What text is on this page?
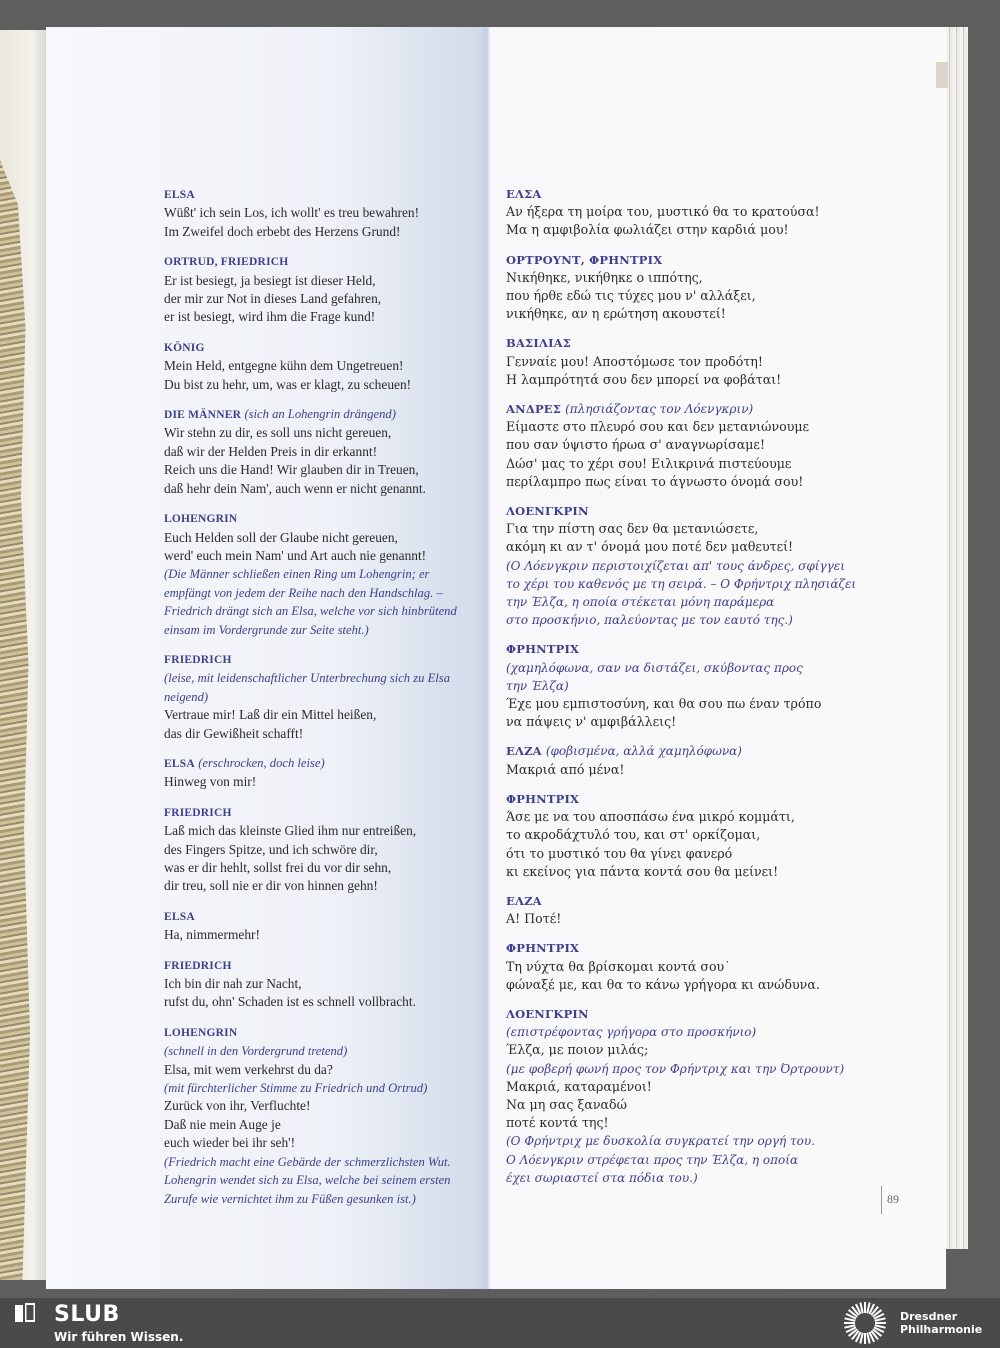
ELSA
Wüßt' ich sein Los, ich wollt' es treu bewahren!
Im Zweifel doch erbebt des Herzens Grund!
ORTRUD, FRIEDRICH
Er ist besiegt, ja besiegt ist dieser Held,
der mir zur Not in dieses Land gefahren,
er ist besiegt, wird ihm die Frage kund!
KÖNIG
Mein Held, entgegne kühn dem Ungetreuen!
Du bist zu hehr, um, was er klagt, zu scheuen!
DIE MÄNNER (sich an Lohengrin drängend)
Wir stehn zu dir, es soll uns nicht gereuen,
daß wir der Helden Preis in dir erkannt!
Reich uns die Hand! Wir glauben dir in Treuen,
daß hehr dein Nam', auch wenn er nicht genannt.
LOHENGRIN
Euch Helden soll der Glaube nicht gereuen,
werd' euch mein Nam' und Art auch nie genannt!
(Die Männer schließen einen Ring um Lohengrin; er
empfängt von jedem der Reihe nach den Handschlag. –
Friedrich drängt sich an Elsa, welche vor sich hinbrütend
einsam im Vordergrunde zur Seite steht.)
FRIEDRICH
(leise, mit leidenschaftlicher Unterbrechung sich zu Elsa
neigend)
Vertraue mir! Laß dir ein Mittel heißen,
das dir Gewißheit schafft!
ELSA (erschrocken, doch leise)
Hinweg von mir!
FRIEDRICH
Laß mich das kleinste Glied ihm nur entreißen,
des Fingers Spitze, und ich schwöre dir,
was er dir hehlt, sollst frei du vor dir sehn,
dir treu, soll nie er dir von hinnen gehn!
ELSA
Ha, nimmermehr!
FRIEDRICH
Ich bin dir nah zur Nacht,
rufst du, ohn' Schaden ist es schnell vollbracht.
LOHENGRIN
(schnell in den Vordergrund tretend)
Elsa, mit wem verkehrst du da?
(mit fürchterlicher Stimme zu Friedrich und Ortrud)
Zurück von ihr, Verfluchte!
Daß nie mein Auge je
euch wieder bei ihr seh'!
(Friedrich macht eine Gebärde der schmerzlichsten Wut.
Lohengrin wendet sich zu Elsa, welche bei seinem ersten
Zurufe wie vernichtet ihm zu Füßen gesunken ist.)
ΕΛΣΑ
Αν ήξερα τη μοίρα του, μυστικό θα το κρατούσα!
Μα η αμφιβολία φωλιάζει στην καρδιά μου!
ΟΡΤΡΟΥΝΤ, ΦΡΗΝΤΡΙΧ
Νικήθηκε, νικήθηκε ο ιππότης,
που ήρθε εδώ τις τύχες μου ν' αλλάξει,
νικήθηκε, αν η ερώτηση ακουστεί!
ΒΑΣΙΛΙΑΣ
Γενναίε μου! Αποστόμωσε τον προδότη!
Η λαμπρότητά σου δεν μπορεί να φοβάται!
ΑΝΔΡΕΣ (πλησιάζοντας τον Λόενγκριν)
Είμαστε στο πλευρό σου και δεν μετανιώνουμε
που σαν ύψιστο ήρωα σ' αναγνωρίσαμε!
Δώσ' μας το χέρι σου! Ειλικρινά πιστεύουμε
περίλαμπρο πως είναι το άγνωστο όνομά σου!
ΛΟΕΝΓΚΡΙΝ
Για την πίστη σας δεν θα μετανιώσετε,
ακόμη κι αν τ' όνομά μου ποτέ δεν μαθευτεί!
(Ο Λόενγκριν περιστοιχίζεται απ' τους άνδρες, σφίγγει
το χέρι του καθενός με τη σειρά. – Ο Φρήντριχ πλησιάζει
την Έλζα, η οποία στέκεται μόνη παράμερα
στο προσκήνιο, παλεύοντας με τον εαυτό της.)
ΦΡΗΝΤΡΙΧ
(χαμηλόφωνα, σαν να διστάζει, σκύβοντας προς
την Έλζα)
Έχε μου εμπιστοσύνη, και θα σου πω έναν τρόπο
να πάψεις ν' αμφιβάλλεις!
ΕΛΖΑ (φοβισμένα, αλλά χαμηλόφωνα)
Μακριά από μένα!
ΦΡΗΝΤΡΙΧ
Άσε με να του αποσπάσω ένα μικρό κομμάτι,
το ακροδάχτυλό του, και στ' ορκίζομαι,
ότι το μυστικό του θα γίνει φανερό
κι εκείνος για πάντα κοντά σου θα μείνει!
ΕΛΖΑ
Α! Ποτέ!
ΦΡΗΝΤΡΙΧ
Τη νύχτα θα βρίσκομαι κοντά σου˙
φώναξέ με, και θα το κάνω γρήγορα κι ανώδυνα.
ΛΟΕΝΓΚΡΙΝ
(επιστρέφοντας γρήγορα στο προσκήνιο)
Έλζα, με ποιον μιλάς;
(με φοβερή φωνή προς τον Φρήντριχ και την Όρτρουντ)
Μακριά, καταραμένοι!
Να μη σας ξαναδώ
ποτέ κοντά της!
(Ο Φρήντριχ με δυσκολία συγκρατεί την οργή του.
Ο Λόενγκριν στρέφεται προς την Έλζα, η οποία
έχει σωριαστεί στα πόδια του.)
89
SLUB
Wir führen Wissen.
Dresdner
Philharmonie
